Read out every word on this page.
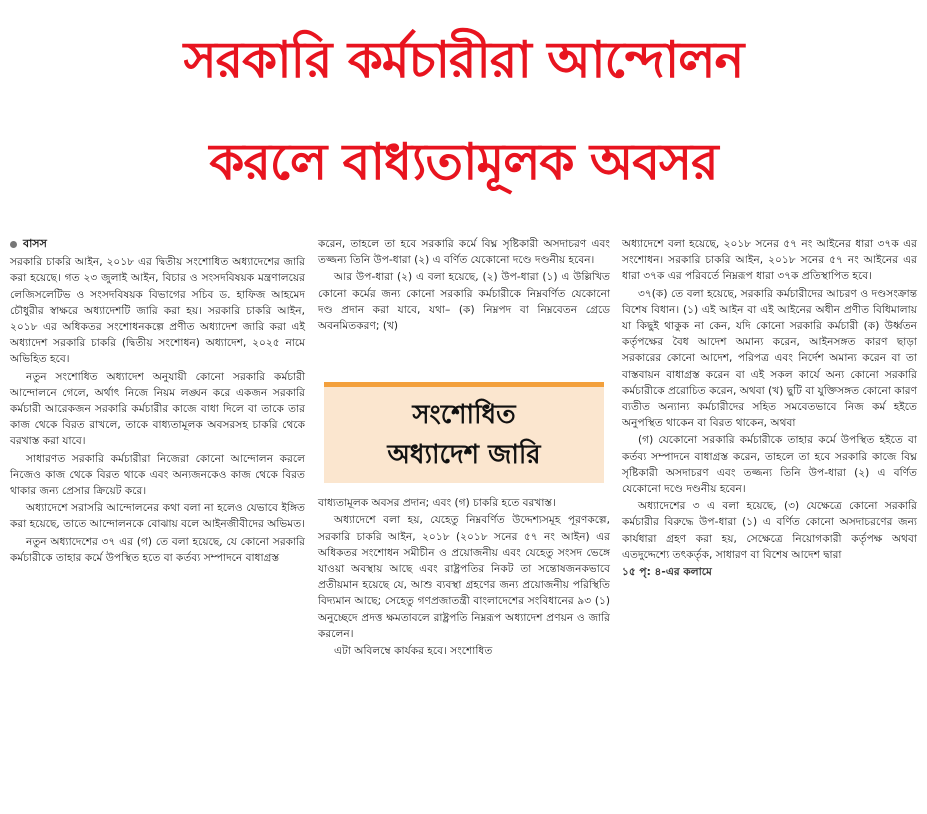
সরকারি কর্মচারীরা আন্দোলন
করলে বাধ্যতামূলক অবসর
বাসস

সরকারি চাকরি আইন, ২০১৮ এর দ্বিতীয় সংশোধিত অধ্যাদেশের জারি করা হয়েছে। গত ২৩ জুলাই আইন, বিচার ও সংসদবিষয়ক মন্ত্রণালয়ের লেজিসলেটিভ ও সংসদবিষয়ক বিভাগের সচিব ড. হাফিজ আহমেদ চৌধুরীর স্বাক্ষরে অধ্যাদেশটি জারি করা হয়। সরকারি চাকরি আইন, ২০১৮ এর অধিকতর সংশোধনকল্পে প্রণীত অধ্যাদেশ জারি করা এই অধ্যাদেশ সরকারি চাকরি (দ্বিতীয় সংশোধন) অধ্যাদেশ, ২০২৫ নামে অভিহিত হবে।

নতুন সংশোধিত অধ্যাদেশ অনুযায়ী কোনো সরকারি কর্মচারী আন্দোলনে গেলে, অর্থাৎ নিজে নিয়ম লঙ্ঘন করে একজন সরকারি কর্মচারী আরেকজন সরকারি কর্মচারীর কাজে বাধা দিলে বা তাকে তার কাজ থেকে বিরত রাখলে, তাকে বাধ্যতামূলক অবসরসহ চাকরি থেকে বরখাস্ত করা যাবে।

সাধারণত সরকারি কর্মচারীরা নিজেরা কোনো আন্দোলন করলে নিজেও কাজ থেকে বিরত থাকে এবং অন্যজনকেও কাজ থেকে বিরত থাকার জন্য প্রেসার ক্রিয়েট করে।

অধ্যাদেশে সরাসরি আন্দোলনের কথা বলা না হলেও যেভাবে ইঙ্গিত করা হয়েছে, তাতে আন্দোলনকে বোঝায় বলে আইনজীবীদের অভিমত।

নতুন অধ্যাদেশের ৩৭ এর (গ) তে বলা হয়েছে, যে কোনো সরকারি কর্মচারীকে তাহার কর্মে উপস্থিত হতে বা কর্তব্য সম্পাদনে বাধাগ্রস্ত

করেন, তাহলে তা হবে সরকারি কর্মে বিঘ্ন সৃষ্টিকারী অসদাচরণ এবং তজ্জন্য তিনি উপ-ধারা (২) এ বর্ণিত যেকোনো দণ্ডে দণ্ডনীয় হবেন।

আর উপ-ধারা (২) এ বলা হয়েছে, (২) উপ-ধারা (১) এ উল্লিখিত কোনো কর্মের জন্য কোনো সরকারি কর্মচারীকে নিম্নবর্ণিত যেকোনো দণ্ড প্রদান করা যাবে, যথা– (ক) নিম্নপদ বা নিম্নবেতন গ্রেডে অবনমিতকরণ; (খ)

সংশোধিত
অধ্যাদেশ জারি

বাধ্যতামূলক অবসর প্রদান; এবং (গ) চাকরি হতে বরখাস্ত।

অধ্যাদেশে বলা হয়, যেহেতু নিম্নবর্ণিত উদ্দেশ্যসমূহ পূরণকল্পে, সরকারি চাকরি আইন, ২০১৮ (২০১৮ সনের ৫৭ নং আইন) এর অধিকতর সংশোধন সমীচীন ও প্রয়োজনীয় এবং যেহেতু সংসদ ভেঙ্গে যাওয়া অবস্থায় আছে এবং রাষ্ট্রপতির নিকট তা সন্তোষজনকভাবে প্রতীয়মান হয়েছে যে, আশু ব্যবস্থা গ্রহণের জন্য প্রয়োজনীয় পরিস্থিতি বিদ্যমান আছে; সেহেতু গণপ্রজাতন্ত্রী বাংলাদেশের সংবিধানের ৯৩ (১) অনুচ্ছেদে প্রদত্ত ক্ষমতাবলে রাষ্ট্রপতি নিম্নরূপ অধ্যাদেশ প্রণয়ন ও জারি করলেন।

এটা অবিলম্বে কার্যকর হবে। সংশোধিত

অধ্যাদেশে বলা হয়েছে, ২০১৮ সনের ৫৭ নং আইনের ধারা ৩৭ক এর সংশোধন। সরকারি চাকরি আইন, ২০১৮ সনের ৫৭ নং আইনের এর ধারা ৩৭ক এর পরিবর্তে নিম্নরূপ ধারা ৩৭ক প্রতিস্থাপিত হবে।

৩৭(ক) তে বলা হয়েছে, সরকারি কর্মচারীদের আচরণ ও দণ্ডসংক্রান্ত বিশেষ বিধান। (১) এই আইন বা এই আইনের অধীন প্রণীত বিধিমালায় যা কিছুই থাকুক না কেন, যদি কোনো সরকারি কর্মচারী (ক) উর্ধ্বতন কর্তৃপক্ষের বৈধ আদেশ অমান্য করেন, আইনসঙ্গত কারণ ছাড়া সরকারের কোনো আদেশ, পরিপত্র এবং নির্দেশ অমান্য করেন বা তা বাস্তবায়ন বাধাগ্রস্ত করেন বা এই সকল কার্যে অন্য কোনো সরকারি কর্মচারীকে প্ররোচিত করেন, অথবা (খ) ছুটি বা যুক্তিসঙ্গত কোনো কারণ ব্যতীত অন্যান্য কর্মচারীদের সহিত সমবেতভাবে নিজ কর্ম হইতে অনুপস্থিত থাকেন বা বিরত থাকেন, অথবা

(গ) যেকোনো সরকারি কর্মচারীকে তাহার কর্মে উপস্থিত হইতে বা কর্তব্য সম্পাদনে বাধাগ্রস্ত করেন, তাহলে তা হবে সরকারি কাজে বিঘ্ন সৃষ্টিকারী অসদাচরণ এবং তজ্জন্য তিনি উপ-ধারা (২) এ বর্ণিত যেকোনো দণ্ডে দণ্ডনীয় হবেন।

অধ্যাদেশের ৩ এ বলা হয়েছে, (৩) যেক্ষেত্রে কোনো সরকারি কর্মচারীর বিরুদ্ধে উপ-ধারা (১) এ বর্ণিত কোনো অসদাচরণের জন্য কার্যধারা গ্রহণ করা হয়, সেক্ষেত্রে নিয়োগকারী কর্তৃপক্ষ অথবা এতদুদ্দেশ্যে তৎকর্তৃক, সাধারণ বা বিশেষ আদেশ দ্বারা

১৫ পৃ: ৪-এর কলামে
